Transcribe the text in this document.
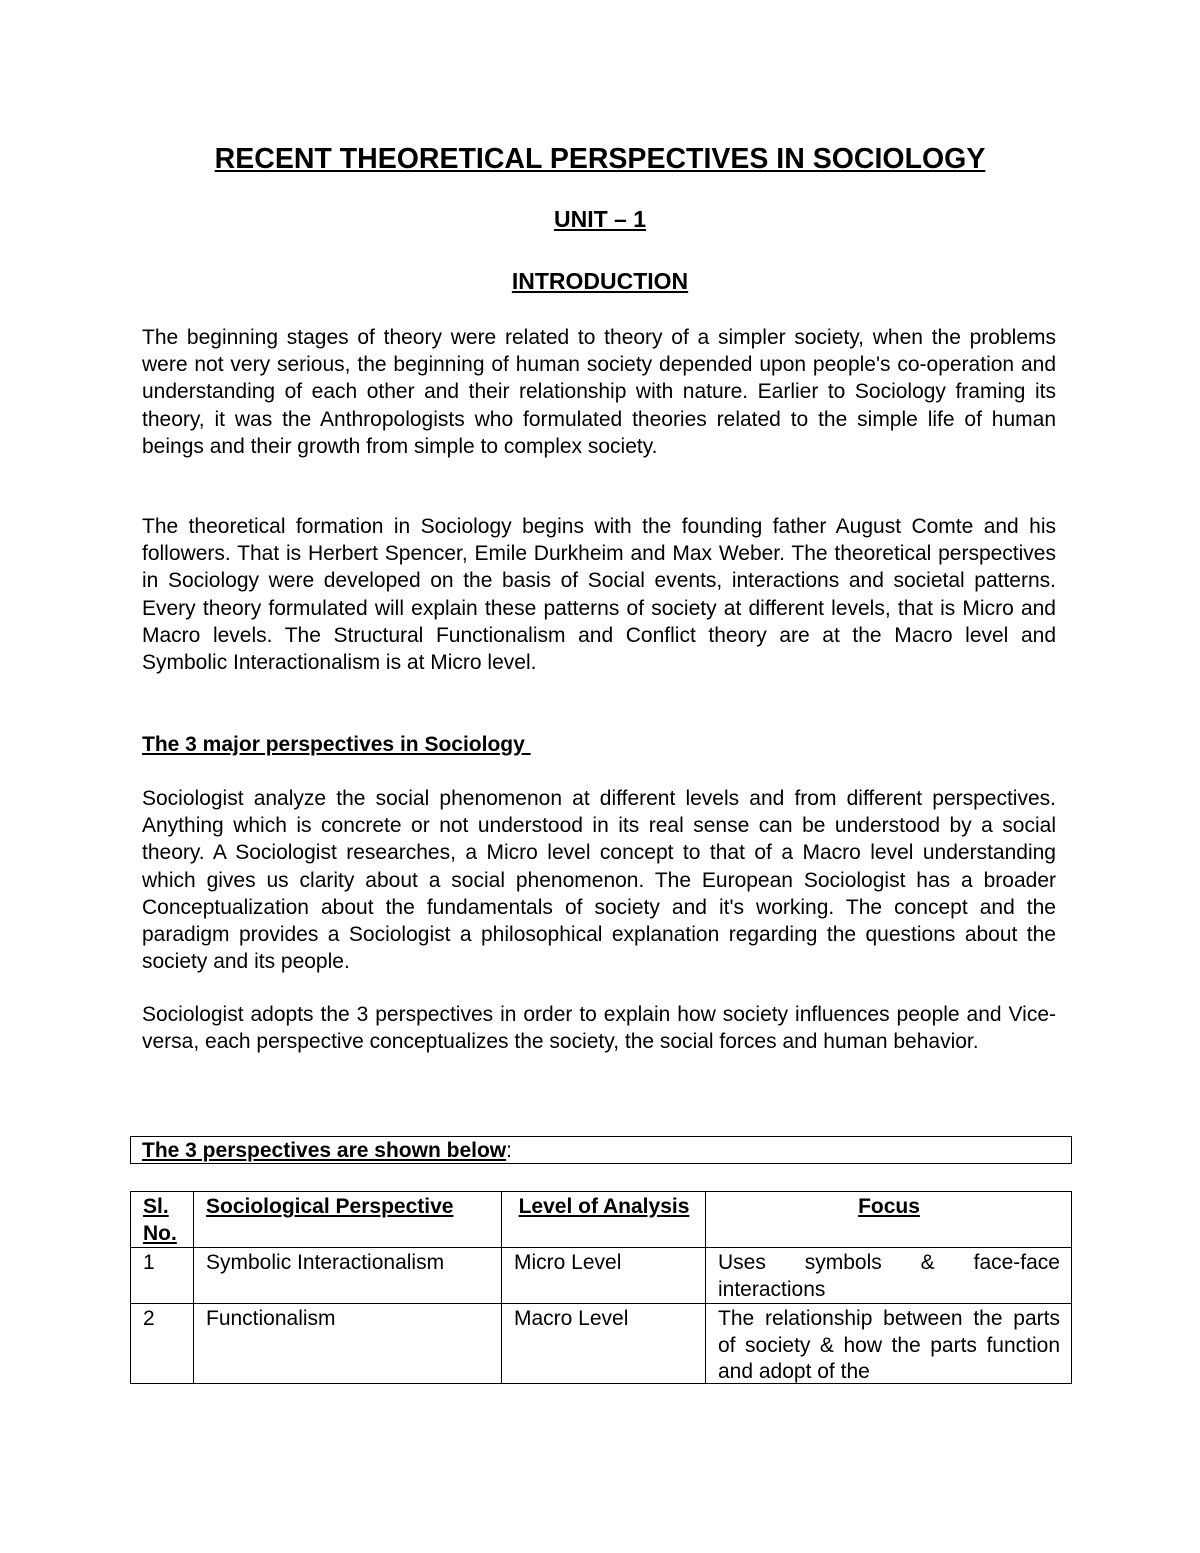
RECENT THEORETICAL PERSPECTIVES IN SOCIOLOGY
UNIT – 1
INTRODUCTION

The beginning stages of theory were related to theory of a simpler society, when the problems were not very serious, the beginning of human society depended upon people's co-operation and understanding of each other and their relationship with nature. Earlier to Sociology framing its theory, it was the Anthropologists who formulated theories related to the simple life of human beings and their growth from simple to complex society.

The theoretical formation in Sociology begins with the founding father August Comte and his followers. That is Herbert Spencer, Emile Durkheim and Max Weber. The theoretical perspectives in Sociology were developed on the basis of Social events, interactions and societal patterns. Every theory formulated will explain these patterns of society at different levels, that is Micro and Macro levels. The Structural Functionalism and Conflict theory are at the Macro level and Symbolic Interactionalism is at Micro level.

The 3 major perspectives in Sociology

Sociologist analyze the social phenomenon at different levels and from different perspectives. Anything which is concrete or not understood in its real sense can be understood by a social theory. A Sociologist researches, a Micro level concept to that of a Macro level understanding which gives us clarity about a social phenomenon. The European Sociologist has a broader Conceptualization about the fundamentals of society and it's working. The concept and the paradigm provides a Sociologist a philosophical explanation regarding the questions about the society and its people.

Sociologist adopts the 3 perspectives in order to explain how society influences people and Vice-versa, each perspective conceptualizes the society, the social forces and human behavior.

The 3 perspectives are shown below:
Sl. No.	Sociological Perspective	Level of Analysis	Focus
1	Symbolic Interactionalism	Micro Level	Uses symbols & face-face interactions
2	Functionalism	Macro Level	The relationship between the parts of society & how the parts function and adopt of the
